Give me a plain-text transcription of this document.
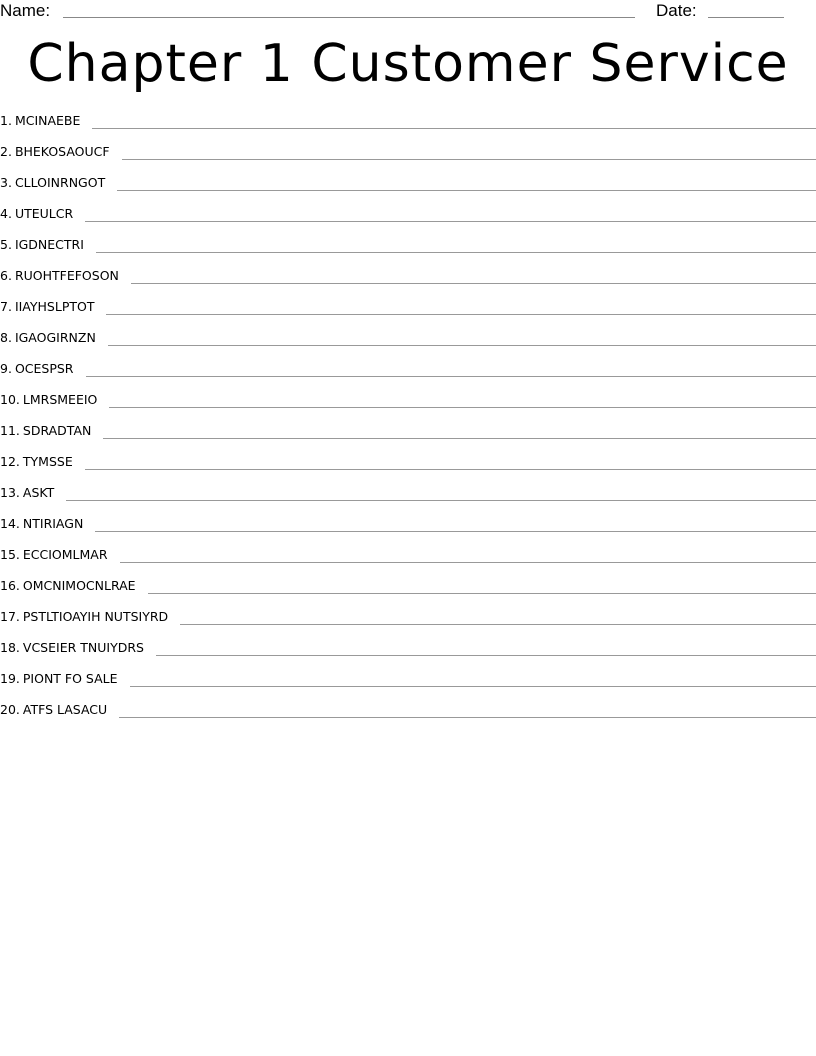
Name:	Date:
Chapter 1 Customer Service
1. MCINAEBE
2. BHEKOSAOUCF
3. CLLOINRNGOT
4. UTEULCR
5. IGDNECTRI
6. RUOHTFEFOSON
7. IIAYHSLPTOT
8. IGAOGIRNZN
9. OCESPSR
10. LMRSMEEIO
11. SDRADTAN
12. TYMSSE
13. ASKT
14. NTIRIAGN
15. ECCIOMLMAR
16. OMCNIMOCNLRAE
17. PSTLTIOAYIH NUTSIYRD
18. VCSEIER TNUIYDRS
19. PIONT FO SALE
20. ATFS LASACU
